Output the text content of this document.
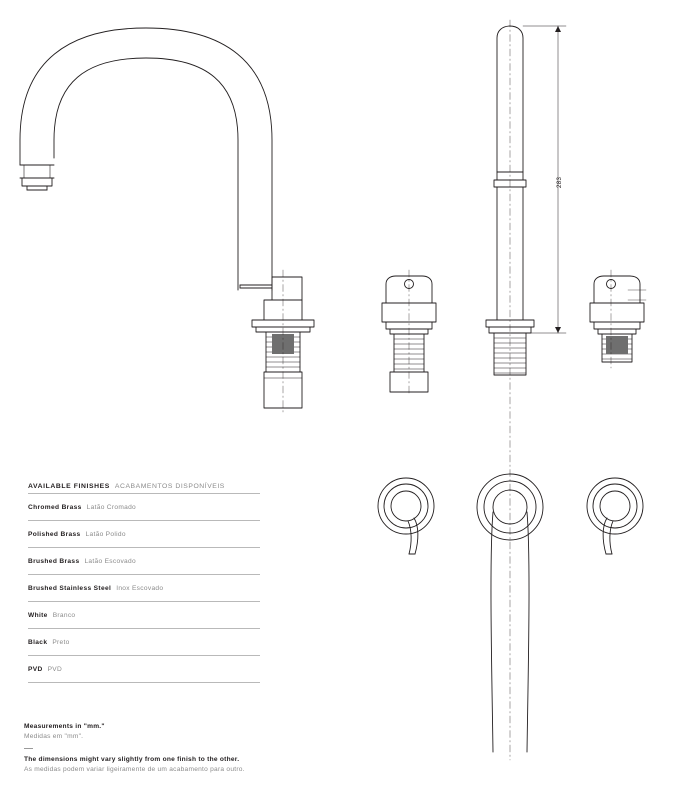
283
AVAILABLE FINISHES ACABAMENTOS DISPONÍVEIS
Chromed Brass Latão Cromado
Polished Brass Latão Polido
Brushed Brass Latão Escovado
Brushed Stainless Steel Inox Escovado
White Branco
Black Preto
PVD PVD
Measurements in "mm."
Medidas em "mm".
The dimensions might vary slightly from one finish to the other.
As medidas podem variar ligeiramente de um acabamento para outro.
